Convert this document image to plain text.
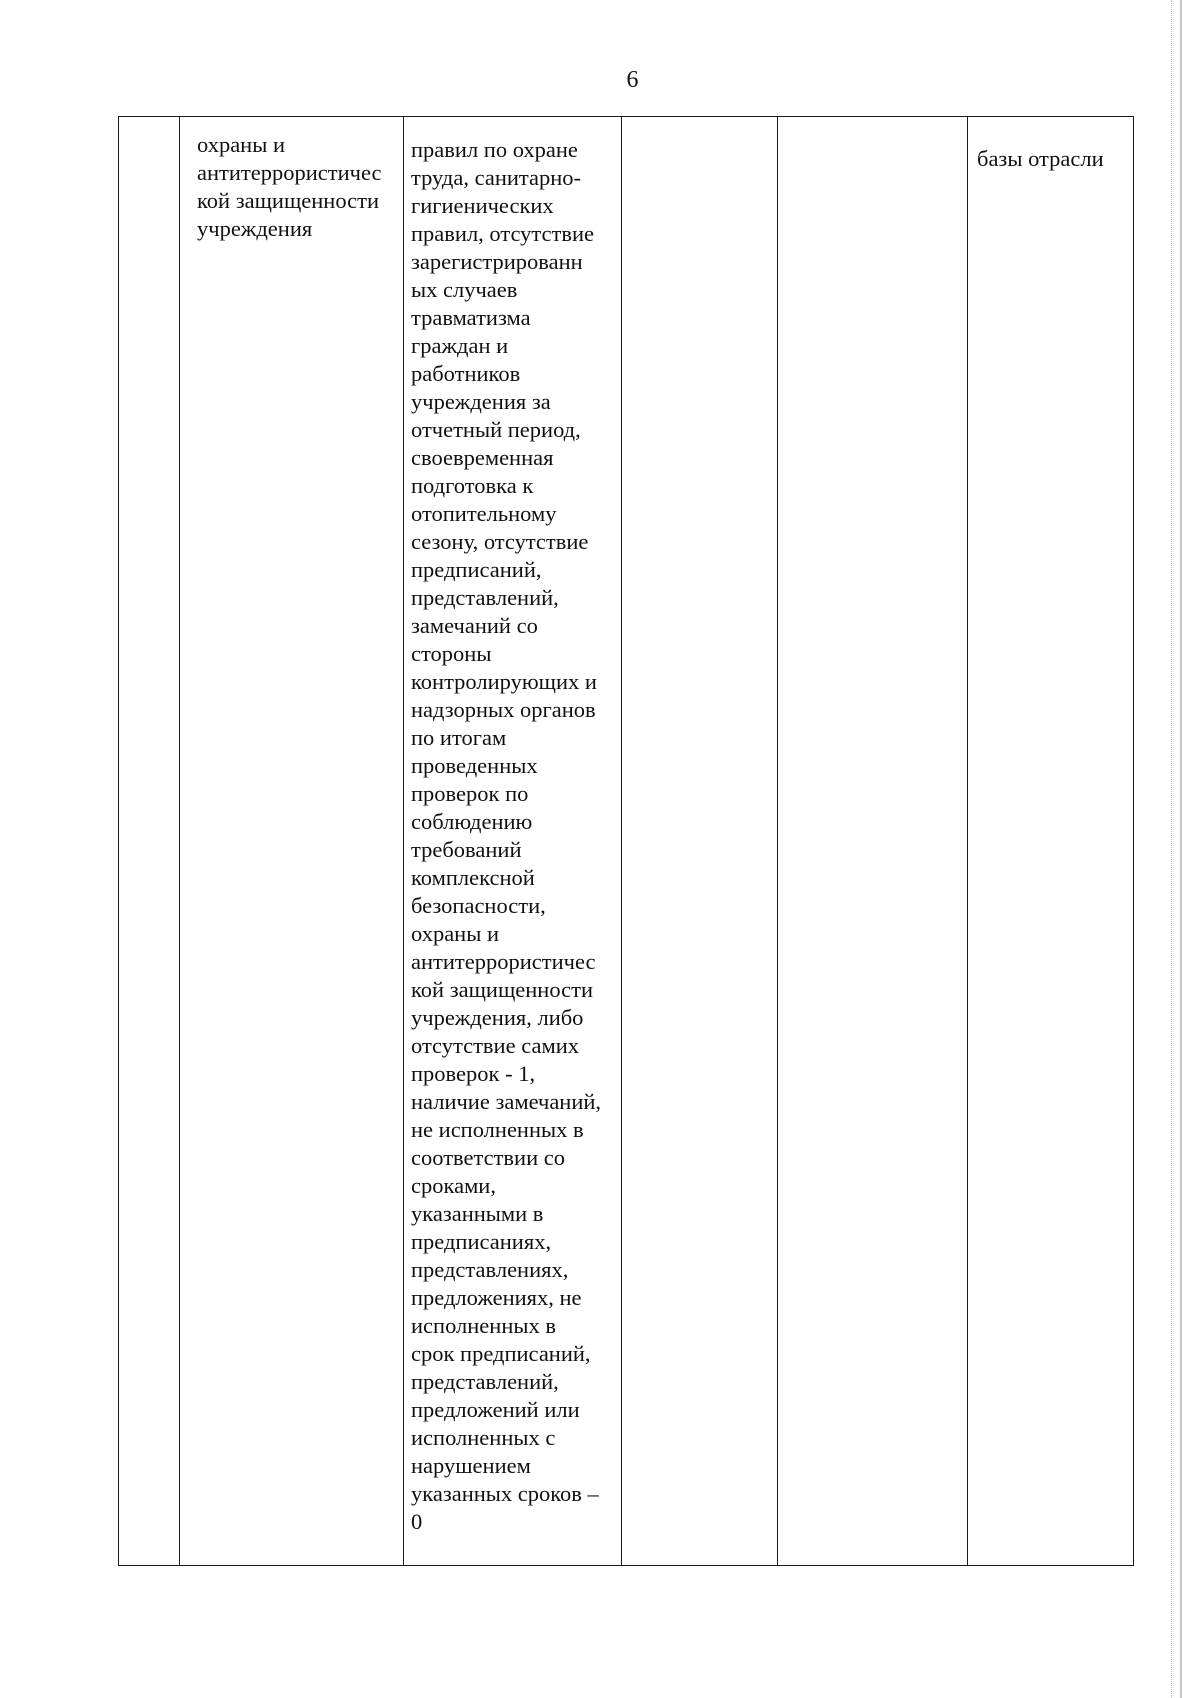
6
охраны и
антитеррористичес
кой защищенности
учреждения
правил по охране
труда, санитарно-
гигиенических
правил, отсутствие
зарегистрированн
ых случаев
травматизма
граждан и
работников
учреждения за
отчетный период,
своевременная
подготовка к
отопительному
сезону, отсутствие
предписаний,
представлений,
замечаний со
стороны
контролирующих и
надзорных органов
по итогам
проведенных
проверок по
соблюдению
требований
комплексной
безопасности,
охраны и
антитеррористичес
кой защищенности
учреждения, либо
отсутствие самих
проверок - 1,
наличие замечаний,
не исполненных в
соответствии со
сроками,
указанными в
предписаниях,
представлениях,
предложениях, не
исполненных в
срок предписаний,
представлений,
предложений или
исполненных с
нарушением
указанных сроков –
0
базы отрасли
